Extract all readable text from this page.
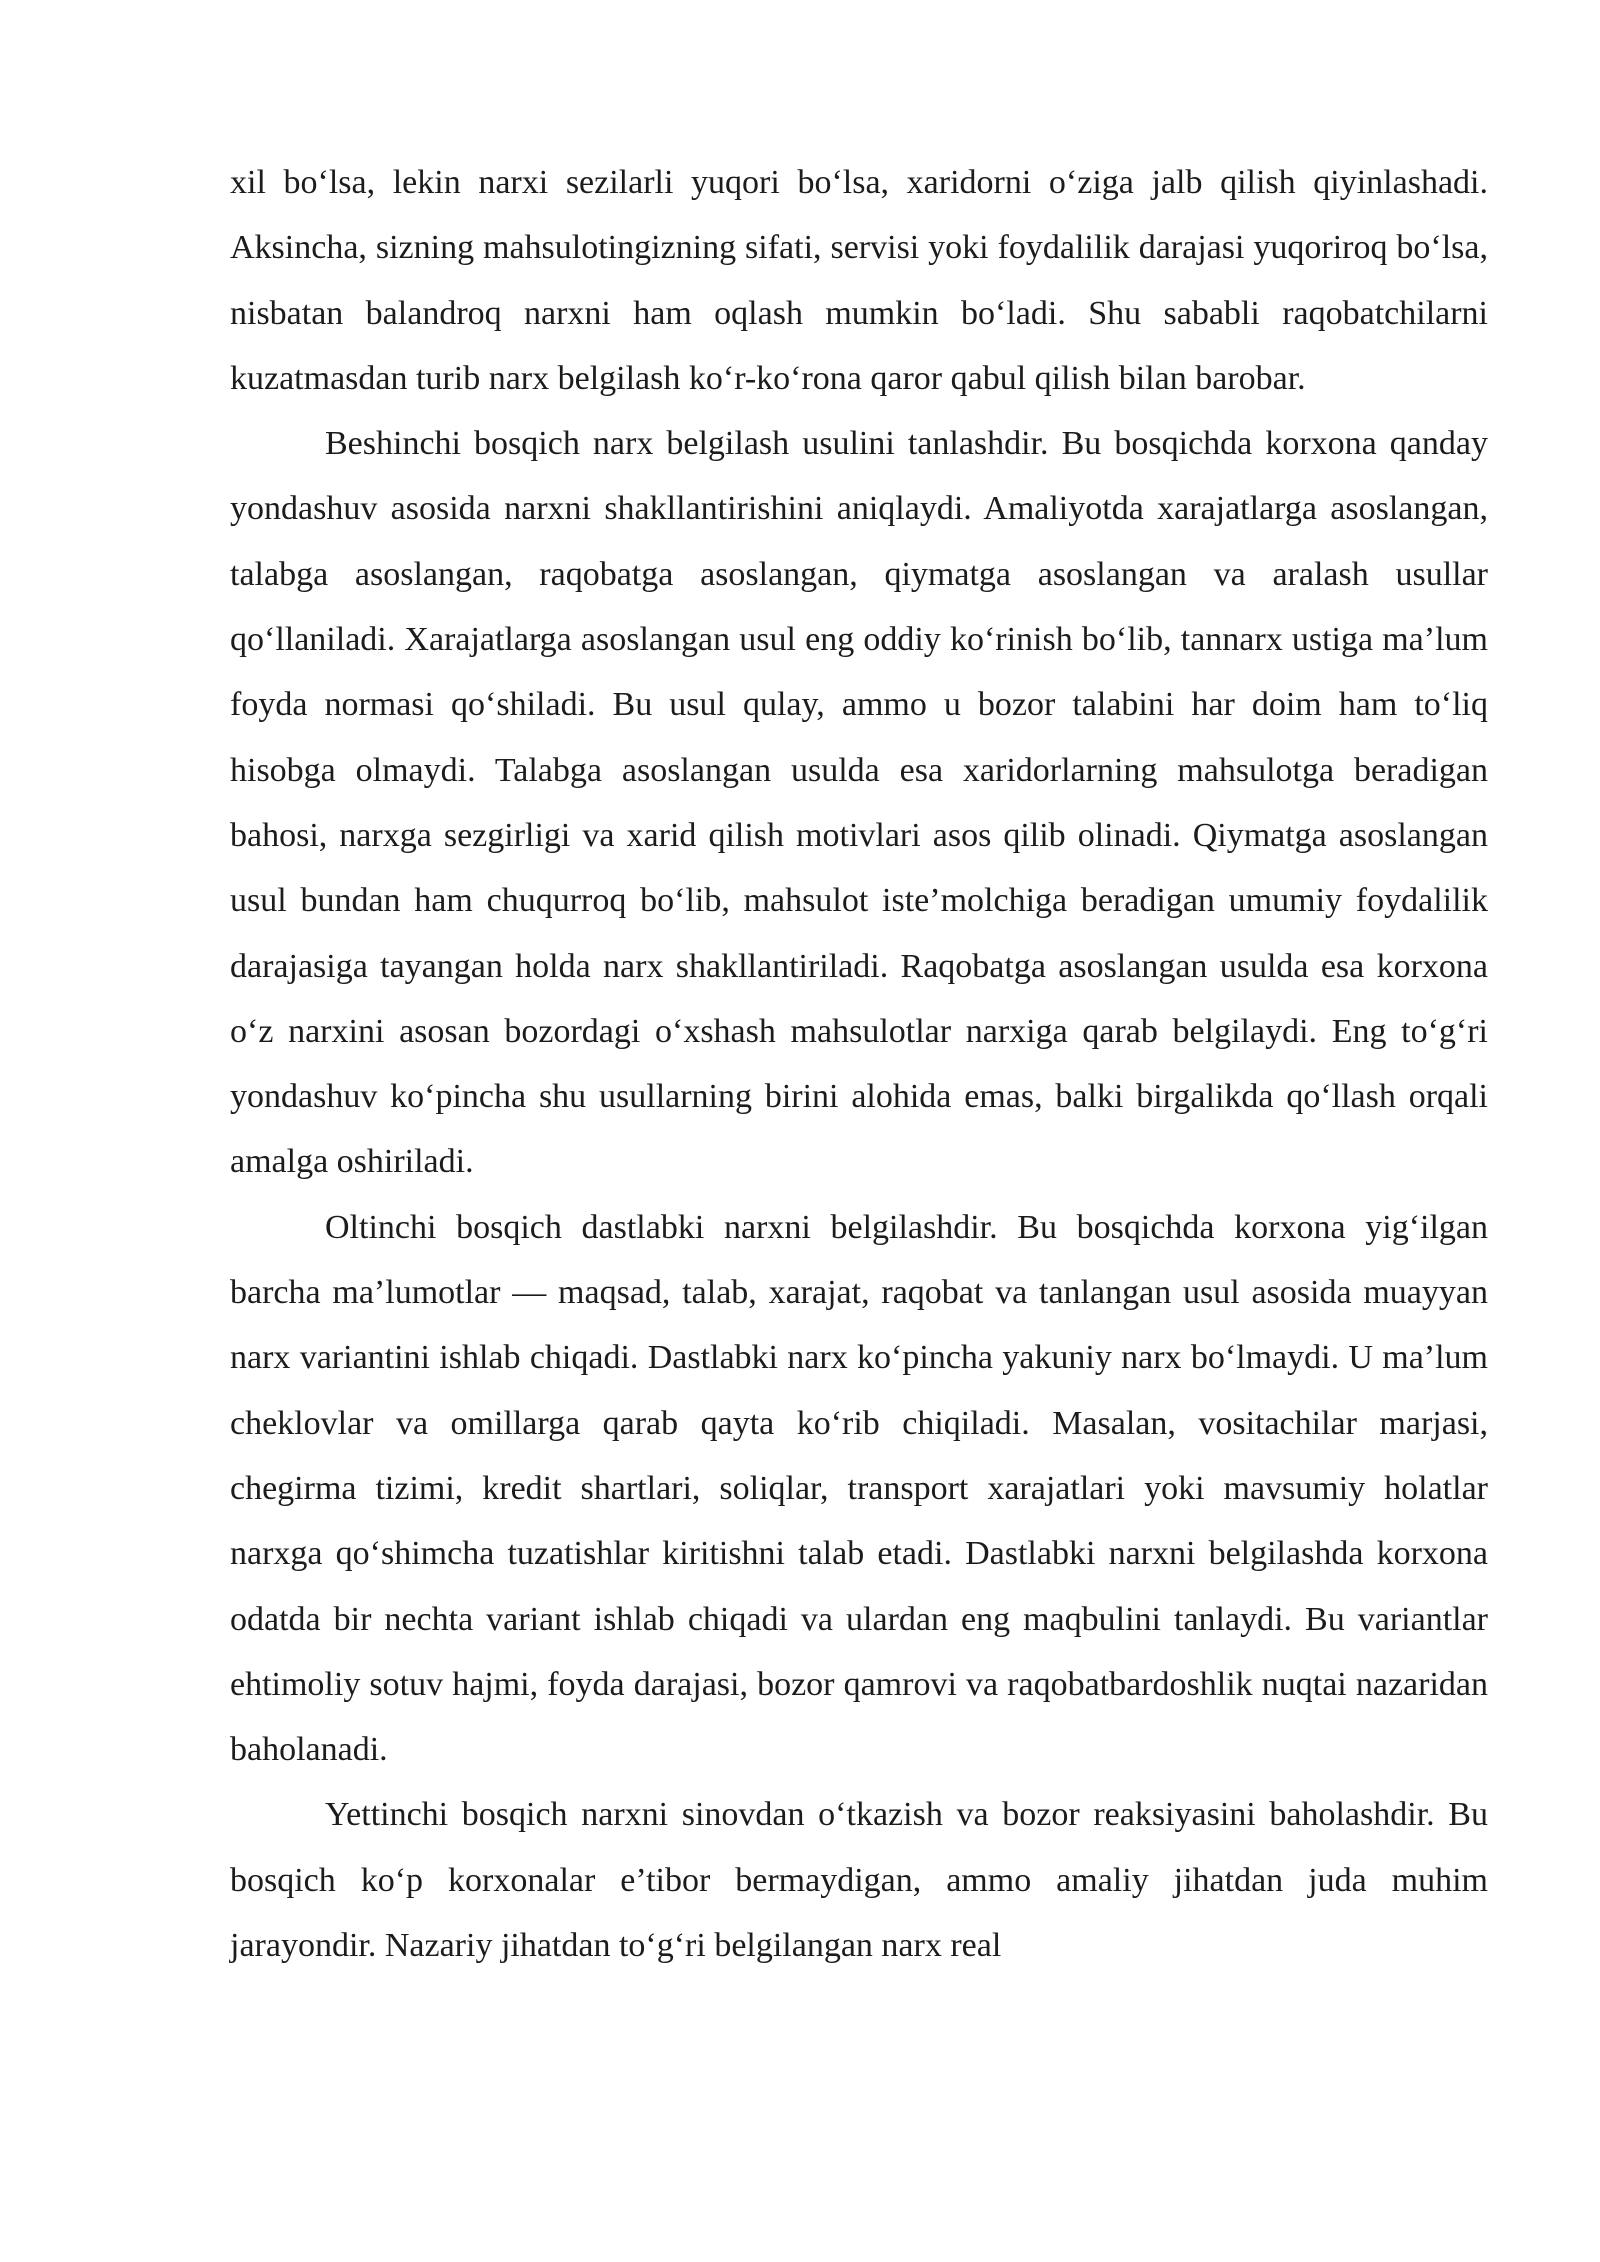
xil bo‘lsa, lekin narxi sezilarli yuqori bo‘lsa, xaridorni o‘ziga jalb qilish qiyinlashadi. Aksincha, sizning mahsulotingizning sifati, servisi yoki foydalilik darajasi yuqoriroq bo‘lsa, nisbatan balandroq narxni ham oqlash mumkin bo‘ladi. Shu sababli raqobatchilarni kuzatmasdan turib narx belgilash ko‘r-ko‘rona qaror qabul qilish bilan barobar.

Beshinchi bosqich narx belgilash usulini tanlashdir. Bu bosqichda korxona qanday yondashuv asosida narxni shakllantirishini aniqlaydi. Amaliyotda xarajatlarga asoslangan, talabga asoslangan, raqobatga asoslangan, qiymatga asoslangan va aralash usullar qo‘llaniladi. Xarajatlarga asoslangan usul eng oddiy ko‘rinish bo‘lib, tannarx ustiga ma’lum foyda normasi qo‘shiladi. Bu usul qulay, ammo u bozor talabini har doim ham to‘liq hisobga olmaydi. Talabga asoslangan usulda esa xaridorlarning mahsulotga beradigan bahosi, narxga sezgirligi va xarid qilish motivlari asos qilib olinadi. Qiymatga asoslangan usul bundan ham chuqurroq bo‘lib, mahsulot iste’molchiga beradigan umumiy foydalilik darajasiga tayangan holda narx shakllantiriladi. Raqobatga asoslangan usulda esa korxona o‘z narxini asosan bozordagi o‘xshash mahsulotlar narxiga qarab belgilaydi. Eng to‘g‘ri yondashuv ko‘pincha shu usullarning birini alohida emas, balki birgalikda qo‘llash orqali amalga oshiriladi.

Oltinchi bosqich dastlabki narxni belgilashdir. Bu bosqichda korxona yig‘ilgan barcha ma’lumotlar — maqsad, talab, xarajat, raqobat va tanlangan usul asosida muayyan narx variantini ishlab chiqadi. Dastlabki narx ko‘pincha yakuniy narx bo‘lmaydi. U ma’lum cheklovlar va omillarga qarab qayta ko‘rib chiqiladi. Masalan, vositachilar marjasi, chegirma tizimi, kredit shartlari, soliqlar, transport xarajatlari yoki mavsumiy holatlar narxga qo‘shimcha tuzatishlar kiritishni talab etadi. Dastlabki narxni belgilashda korxona odatda bir nechta variant ishlab chiqadi va ulardan eng maqbulini tanlaydi. Bu variantlar ehtimoliy sotuv hajmi, foyda darajasi, bozor qamrovi va raqobatbardoshlik nuqtai nazaridan baholanadi.

Yettinchi bosqich narxni sinovdan o‘tkazish va bozor reaksiyasini baholashdir. Bu bosqich ko‘p korxonalar e’tibor bermaydigan, ammo amaliy jihatdan juda muhim jarayondir. Nazariy jihatdan to‘g‘ri belgilangan narx real
